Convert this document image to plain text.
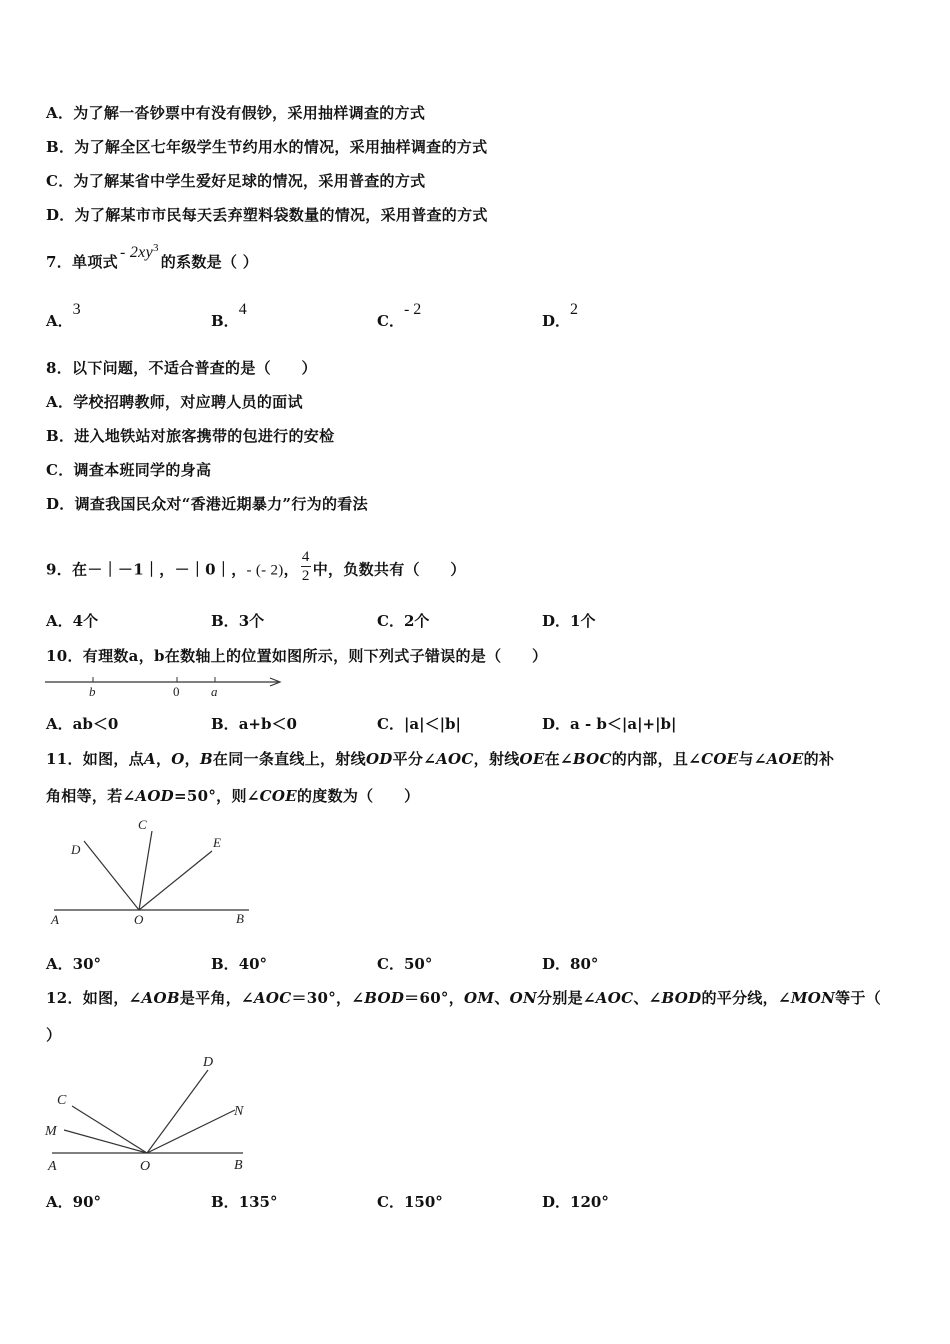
A．为了解一沓钞票中有没有假钞，采用抽样调查的方式
B．为了解全区七年级学生节约用水的情况，采用抽样调查的方式
C．为了解某省中学生爱好足球的情况，采用普查的方式
D．为了解某市市民每天丢弃塑料袋数量的情况，采用普查的方式
7．单项式- $2xy^3$的系数是（ ）
A．3
B．4
C．- 2
D．2
8．以下问题，不适合普查的是（　　）
A．学校招聘教师，对应聘人员的面试
B．进入地铁站对旅客携带的包进行的安检
C．调查本班同学的身高
D．调查我国民众对“香港近期暴力”行为的看法
9．在－｜－1｜，－｜0｜，- (- 2)， $\frac{4}{2}$ 中，负数共有（　　）
A．4个	B．3个	C．2个	D．1个
10．有理数a，b在数轴上的位置如图所示，则下列式子错误的是（　　）
b	0 a
A．ab＜0	B．a+b＜0	C．|a|＜|b|	D．a - b＜|a|+|b|
11．如图，点A，O，B在同一条直线上，射线OD平分∠AOC，射线OE在∠BOC的内部，且∠COE与∠AOE的补
角相等，若∠AOD=50°，则∠COE的度数为（　　）
A	O	B
C
D	E
A．30°	B．40°	C．50°	D．80°
12．如图，∠AOB是平角，∠AOC＝30°，∠BOD＝60°，OM、ON分别是∠AOC、∠BOD的平分线，∠MON等于（
）
A	O	B
C
M
D
N
A．90°	B．135°	C．150°	D．120°
